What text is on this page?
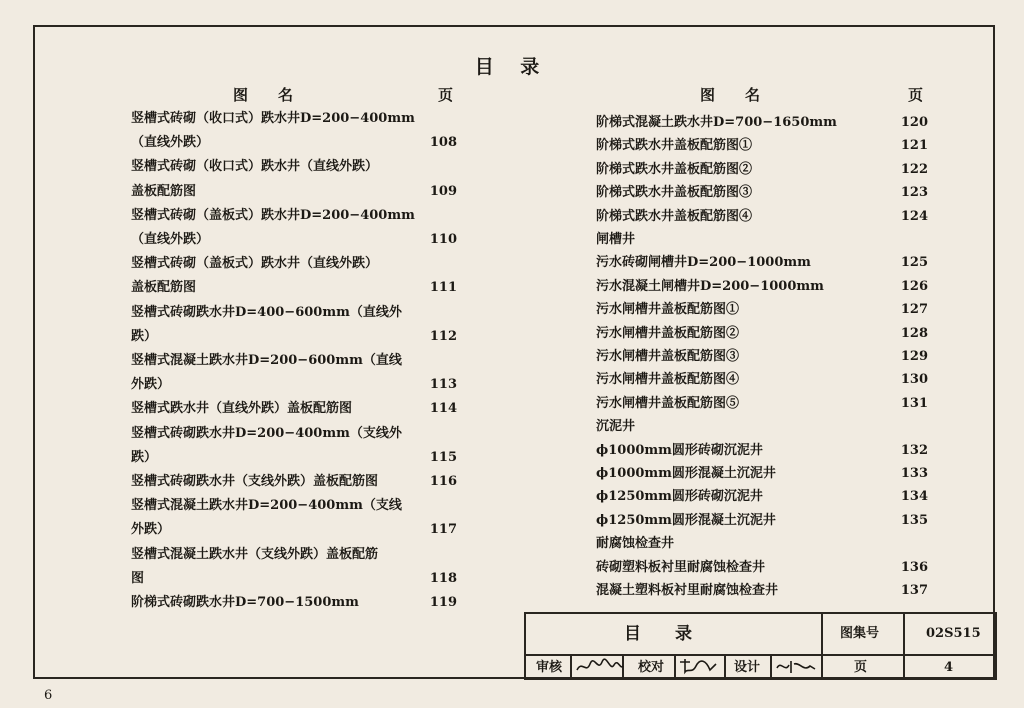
目 录
图　　名	页	图　　名	页
竖槽式砖砌（收口式）跌水井D=200−400mm
（直线外跌）	108
竖槽式砖砌（收口式）跌水井（直线外跌）
盖板配筋图	109
竖槽式砖砌（盖板式）跌水井D=200−400mm
（直线外跌）	110
竖槽式砖砌（盖板式）跌水井（直线外跌）
盖板配筋图	111
竖槽式砖砌跌水井D=400−600mm（直线外
跌）	112
竖槽式混凝土跌水井D=200−600mm（直线
外跌）	113
竖槽式跌水井（直线外跌）盖板配筋图	114
竖槽式砖砌跌水井D=200−400mm（支线外
跌）	115
竖槽式砖砌跌水井（支线外跌）盖板配筋图	116
竖槽式混凝土跌水井D=200−400mm（支线
外跌）	117
竖槽式混凝土跌水井（支线外跌）盖板配筋
图	118
阶梯式砖砌跌水井D=700−1500mm	119
阶梯式混凝土跌水井D=700−1650mm	120
阶梯式跌水井盖板配筋图①	121
阶梯式跌水井盖板配筋图②	122
阶梯式跌水井盖板配筋图③	123
阶梯式跌水井盖板配筋图④	124
闸槽井
污水砖砌闸槽井D=200−1000mm	125
污水混凝土闸槽井D=200−1000mm	126
污水闸槽井盖板配筋图①	127
污水闸槽井盖板配筋图②	128
污水闸槽井盖板配筋图③	129
污水闸槽井盖板配筋图④	130
污水闸槽井盖板配筋图⑤	131
沉泥井
ϕ1000mm圆形砖砌沉泥井	132
ϕ1000mm圆形混凝土沉泥井	133
ϕ1250mm圆形砖砌沉泥井	134
ϕ1250mm圆形混凝土沉泥井	135
耐腐蚀检查井
砖砌塑料板衬里耐腐蚀检查井	136
混凝土塑料板衬里耐腐蚀检查井	137
目　　录	图集号	02S515
审核	校对	设计	页	4
6
